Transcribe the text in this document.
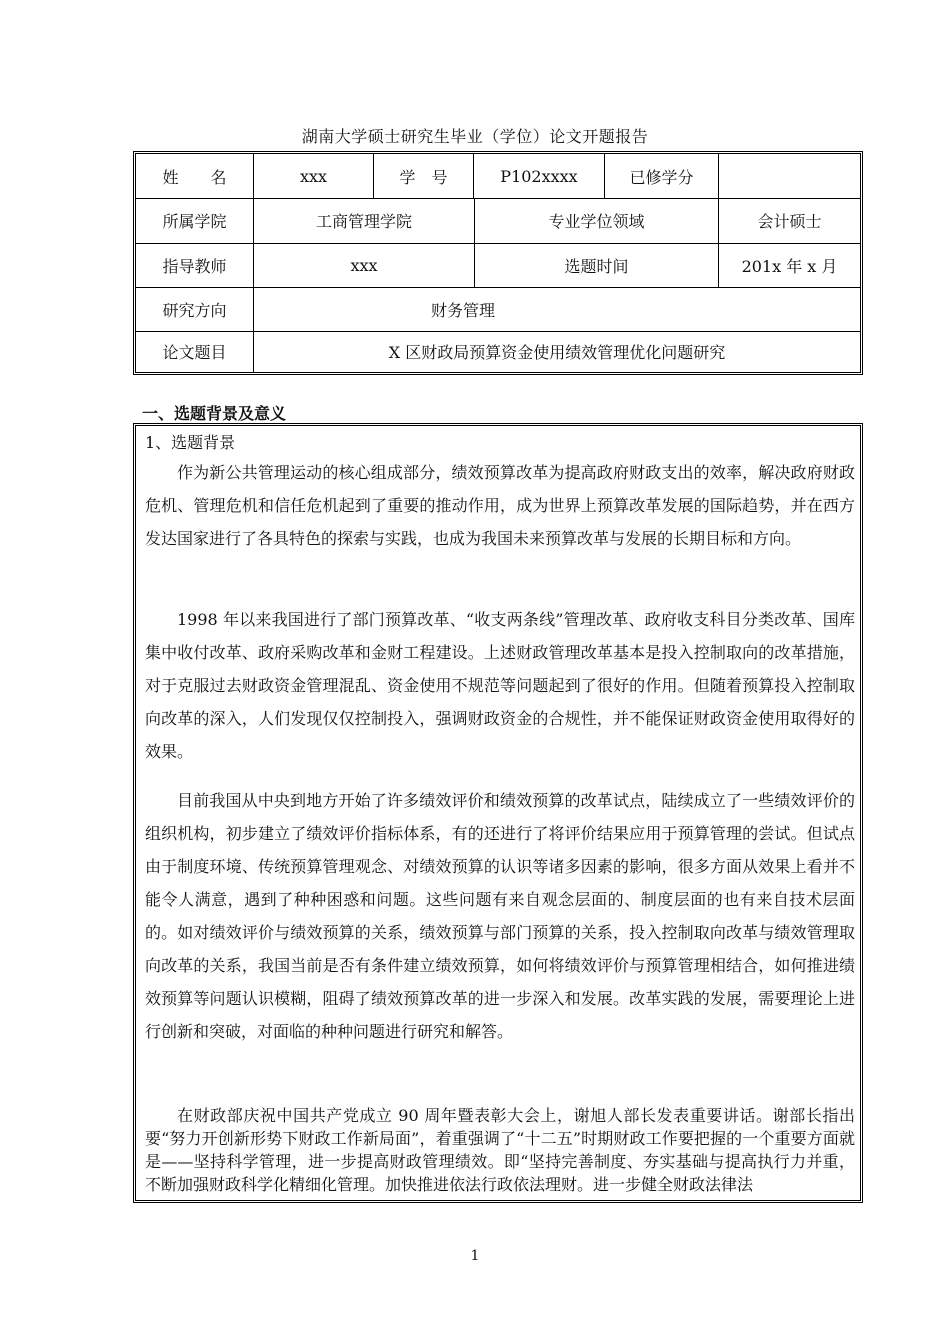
湖南大学硕士研究生毕业（学位）论文开题报告
姓　　名	xxx	学　号	P102xxxx	已修学分
所属学院	工商管理学院	专业学位领域	会计硕士
指导教师	xxx	选题时间	201x 年 x 月
研究方向	财务管理
论文题目	X 区财政局预算资金使用绩效管理优化问题研究
一、选题背景及意义
1、选题背景

作为新公共管理运动的核心组成部分，绩效预算改革为提高政府财政支出的效率，解决政府财政危机、管理危机和信任危机起到了重要的推动作用，成为世界上预算改革发展的国际趋势，并在西方发达国家进行了各具特色的探索与实践，也成为我国未来预算改革与发展的长期目标和方向。

1998 年以来我国进行了部门预算改革、“收支两条线”管理改革、政府收支科目分类改革、国库集中收付改革、政府采购改革和金财工程建设。上述财政管理改革基本是投入控制取向的改革措施，对于克服过去财政资金管理混乱、资金使用不规范等问题起到了很好的作用。但随着预算投入控制取向改革的深入，人们发现仅仅控制投入，强调财政资金的合规性，并不能保证财政资金使用取得好的效果。

目前我国从中央到地方开始了许多绩效评价和绩效预算的改革试点，陆续成立了一些绩效评价的组织机构，初步建立了绩效评价指标体系，有的还进行了将评价结果应用于预算管理的尝试。但试点由于制度环境、传统预算管理观念、对绩效预算的认识等诸多因素的影响，很多方面从效果上看并不能令人满意，遇到了种种困惑和问题。这些问题有来自观念层面的、制度层面的也有来自技术层面的。如对绩效评价与绩效预算的关系，绩效预算与部门预算的关系，投入控制取向改革与绩效管理取向改革的关系，我国当前是否有条件建立绩效预算，如何将绩效评价与预算管理相结合，如何推进绩效预算等问题认识模糊，阻碍了绩效预算改革的进一步深入和发展。改革实践的发展，需要理论上进行创新和突破，对面临的种种问题进行研究和解答。

在财政部庆祝中国共产党成立 90 周年暨表彰大会上，谢旭人部长发表重要讲话。谢部长指出要“努力开创新形势下财政工作新局面”，着重强调了“十二五”时期财政工作要把握的一个重要方面就是——坚持科学管理，进一步提高财政管理绩效。即“坚持完善制度、夯实基础与提高执行力并重，不断加强财政科学化精细化管理。加快推进依法行政依法理财。进一步健全财政法律法

1
